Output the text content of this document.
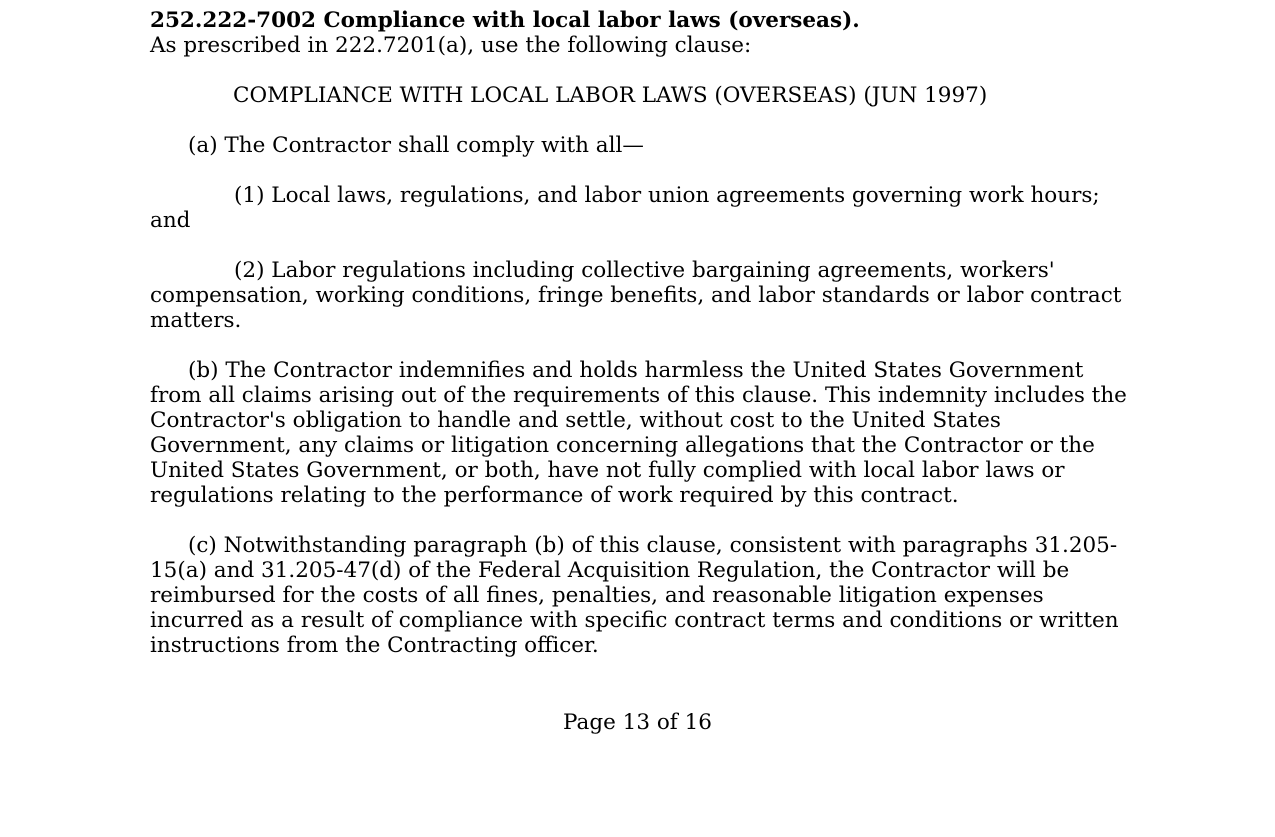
252.222-7002 Compliance with local labor laws (overseas).

As prescribed in 222.7201(a), use the following clause:

COMPLIANCE WITH LOCAL LABOR LAWS (OVERSEAS) (JUN 1997)

(a) The Contractor shall comply with all—

(1) Local laws, regulations, and labor union agreements governing work hours; and

(2) Labor regulations including collective bargaining agreements, workers' compensation, working conditions, fringe benefits, and labor standards or labor contract matters.

(b) The Contractor indemnifies and holds harmless the United States Government from all claims arising out of the requirements of this clause. This indemnity includes the Contractor's obligation to handle and settle, without cost to the United States Government, any claims or litigation concerning allegations that the Contractor or the United States Government, or both, have not fully complied with local labor laws or regulations relating to the performance of work required by this contract.

(c) Notwithstanding paragraph (b) of this clause, consistent with paragraphs 31.205-15(a) and 31.205-47(d) of the Federal Acquisition Regulation, the Contractor will be reimbursed for the costs of all fines, penalties, and reasonable litigation expenses incurred as a result of compliance with specific contract terms and conditions or written instructions from the Contracting officer.

Page 13 of 16
